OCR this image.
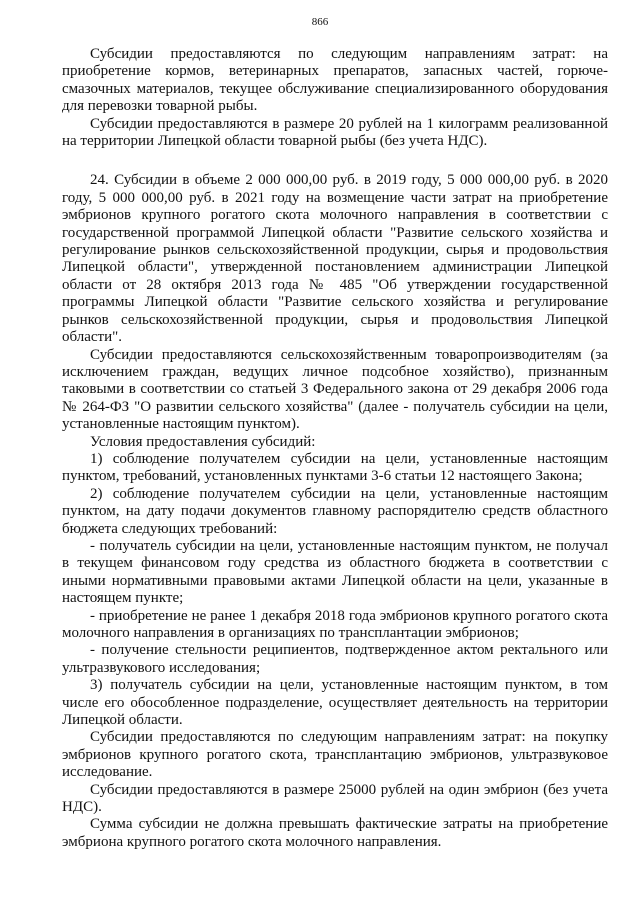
866

Субсидии предоставляются по следующим направлениям затрат: на приобретение кормов, ветеринарных препаратов, запасных частей, горюче-смазочных материалов, текущее обслуживание специализированного оборудования для перевозки товарной рыбы.

Субсидии предоставляются в размере 20 рублей на 1 килограмм реализованной на территории Липецкой области товарной рыбы (без учета НДС).

24. Субсидии в объеме 2 000 000,00 руб. в 2019 году, 5 000 000,00 руб. в 2020 году, 5 000 000,00 руб. в 2021 году на возмещение части затрат на приобретение эмбрионов крупного рогатого скота молочного направления в соответствии с государственной программой Липецкой области "Развитие сельского хозяйства и регулирование рынков сельскохозяйственной продукции, сырья и продовольствия Липецкой области", утвержденной постановлением администрации Липецкой области от 28 октября 2013 года № 485 "Об утверждении государственной программы Липецкой области "Развитие сельского хозяйства и регулирование рынков сельскохозяйственной продукции, сырья и продовольствия Липецкой области".

Субсидии предоставляются сельскохозяйственным товаропроизводителям (за исключением граждан, ведущих личное подсобное хозяйство), признанным таковыми в соответствии со статьей 3 Федерального закона от 29 декабря 2006 года № 264-ФЗ "О развитии сельского хозяйства" (далее - получатель субсидии на цели, установленные настоящим пунктом).

Условия предоставления субсидий:

1) соблюдение получателем субсидии на цели, установленные настоящим пунктом, требований, установленных пунктами 3-6 статьи 12 настоящего Закона;

2) соблюдение получателем субсидии на цели, установленные настоящим пунктом, на дату подачи документов главному распорядителю средств областного бюджета следующих требований:

- получатель субсидии на цели, установленные настоящим пунктом, не получал в текущем финансовом году средства из областного бюджета в соответствии с иными нормативными правовыми актами Липецкой области на цели, указанные в настоящем пункте;

- приобретение не ранее 1 декабря 2018 года эмбрионов крупного рогатого скота молочного направления в организациях по трансплантации эмбрионов;

- получение стельности реципиентов, подтвержденное актом ректального или ультразвукового исследования;

3) получатель субсидии на цели, установленные настоящим пунктом, в том числе его обособленное подразделение, осуществляет деятельность на территории Липецкой области.

Субсидии предоставляются по следующим направлениям затрат: на покупку эмбрионов крупного рогатого скота, трансплантацию эмбрионов, ультразвуковое исследование.

Субсидии предоставляются в размере 25000 рублей на один эмбрион (без учета НДС).

Сумма субсидии не должна превышать фактические затраты на приобретение эмбриона крупного рогатого скота молочного направления.
